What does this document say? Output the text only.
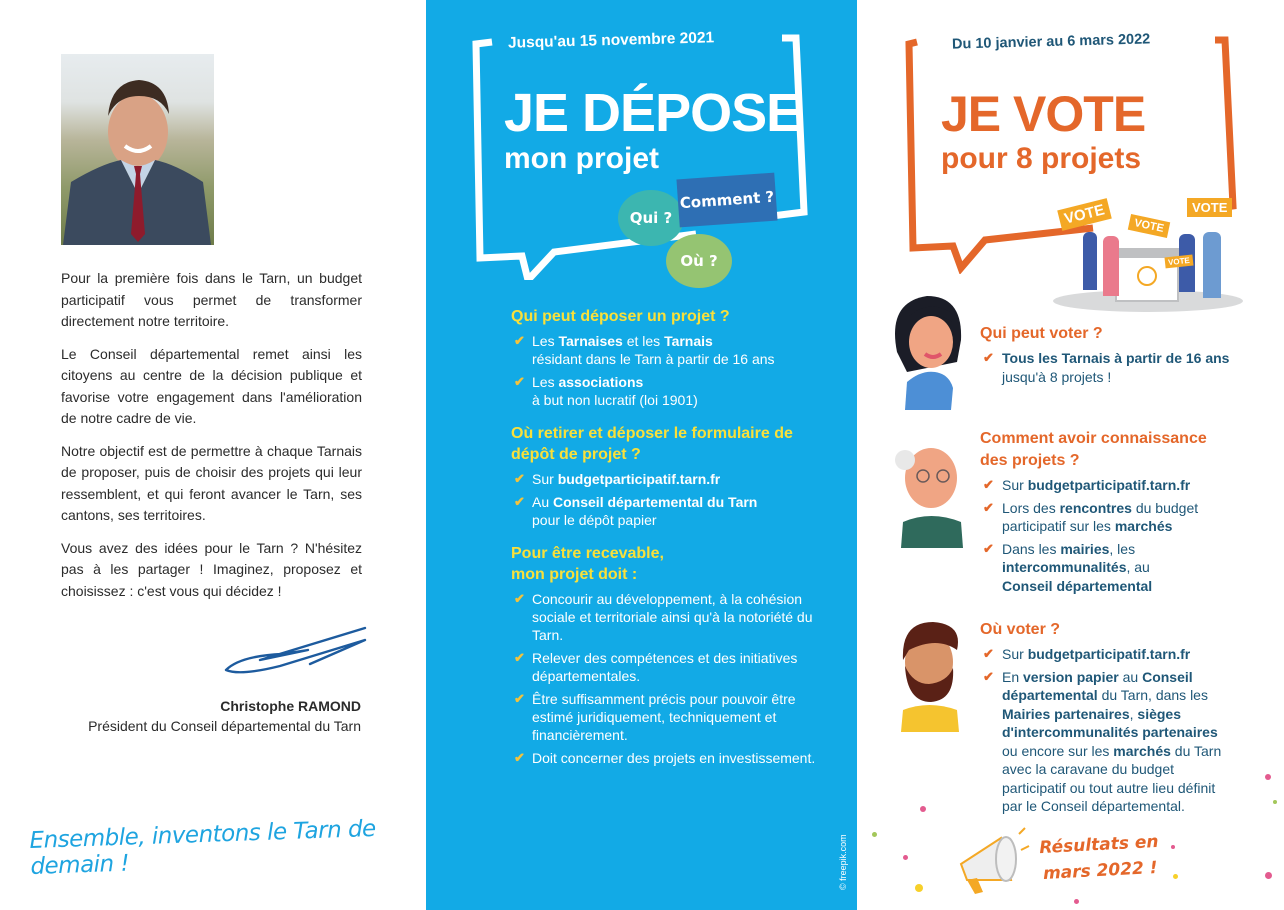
Pour la première fois dans le Tarn, un budget participatif vous permet de transformer directement notre territoire.

Le Conseil départemental remet ainsi les citoyens au centre de la décision publique et favorise votre engagement dans l'amélioration de notre cadre de vie.

Notre objectif est de permettre à chaque Tarnais de proposer, puis de choisir des projets qui leur ressemblent, et qui feront avancer le Tarn, ses cantons, ses territoires.

Vous avez des idées pour le Tarn ? N'hésitez pas à les partager ! Imaginez, proposez et choisissez : c'est vous qui décidez !

Christophe RAMOND
Président du Conseil départemental du Tarn
Ensemble, inventons le Tarn de demain !
Jusqu'au 15 novembre 2021
JE DÉPOSE
mon projet
Qui ?
Comment ?
Où ?
Qui peut déposer un projet ?
✔ Les Tarnaises et les Tarnais
résidant dans le Tarn à partir de 16 ans
✔ Les associations
à but non lucratif (loi 1901)
Où retirer et déposer le formulaire de dépôt de projet ?
✔ Sur budgetparticipatif.tarn.fr
✔ Au Conseil départemental du Tarn
pour le dépôt papier
Pour être recevable, mon projet doit :
✔ Concourir au développement, à la cohésion sociale et territoriale ainsi qu'à la notoriété du Tarn.
✔ Relever des compétences et des initiatives départementales.
✔ Être suffisamment précis pour pouvoir être estimé juridiquement, techniquement et financièrement.
✔ Doit concerner des projets en investissement.
© freepik.com
Du 10 janvier au 6 mars 2022
JE VOTE
pour 8 projets
VOTE	VOTE
VOTE
VOTE
Qui peut voter ?
✔ Tous les Tarnais à partir de 16 ans
jusqu'à 8 projets !
Comment avoir connaissance des projets ?
✔ Sur budgetparticipatif.tarn.fr
✔ Lors des rencontres du budget participatif sur les marchés
✔ Dans les mairies, les
intercommunalités, au
Conseil départemental
Où voter ?
✔ Sur budgetparticipatif.tarn.fr
✔ En version papier au Conseil départemental du Tarn, dans les Mairies partenaires, sièges d'intercommunalités partenaires ou encore sur les marchés du Tarn avec la caravane du budget participatif ou tout autre lieu définit par le Conseil départemental.
Résultats en
mars 2022 !
